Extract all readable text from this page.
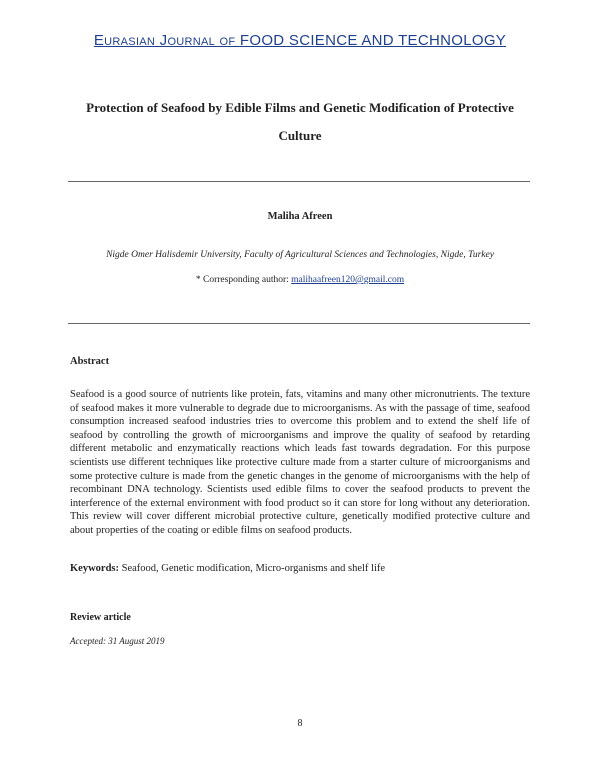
Eurasian Journal of FOOD SCIENCE AND TECHNOLOGY
Protection of Seafood by Edible Films and Genetic Modification of Protective Culture
Maliha Afreen
Nigde Omer Halisdemir University, Faculty of Agricultural Sciences and Technologies, Nigde, Turkey
* Corresponding author: malihaafreen120@gmail.com
Abstract
Seafood is a good source of nutrients like protein, fats, vitamins and many other micronutrients. The texture of seafood makes it more vulnerable to degrade due to microorganisms. As with the passage of time, seafood consumption increased seafood industries tries to overcome this problem and to extend the shelf life of seafood by controlling the growth of microorganisms and improve the quality of seafood by retarding different metabolic and enzymatically reactions which leads fast towards degradation. For this purpose scientists use different techniques like protective culture made from a starter culture of microorganisms and some protective culture is made from the genetic changes in the genome of microorganisms with the help of recombinant DNA technology. Scientists used edible films to cover the seafood products to prevent the interference of the external environment with food product so it can store for long without any deterioration. This review will cover different microbial protective culture, genetically modified protective culture and about properties of the coating or edible films on seafood products.
Keywords: Seafood, Genetic modification, Micro-organisms and shelf life
Review article
Accepted: 31 August 2019
8
